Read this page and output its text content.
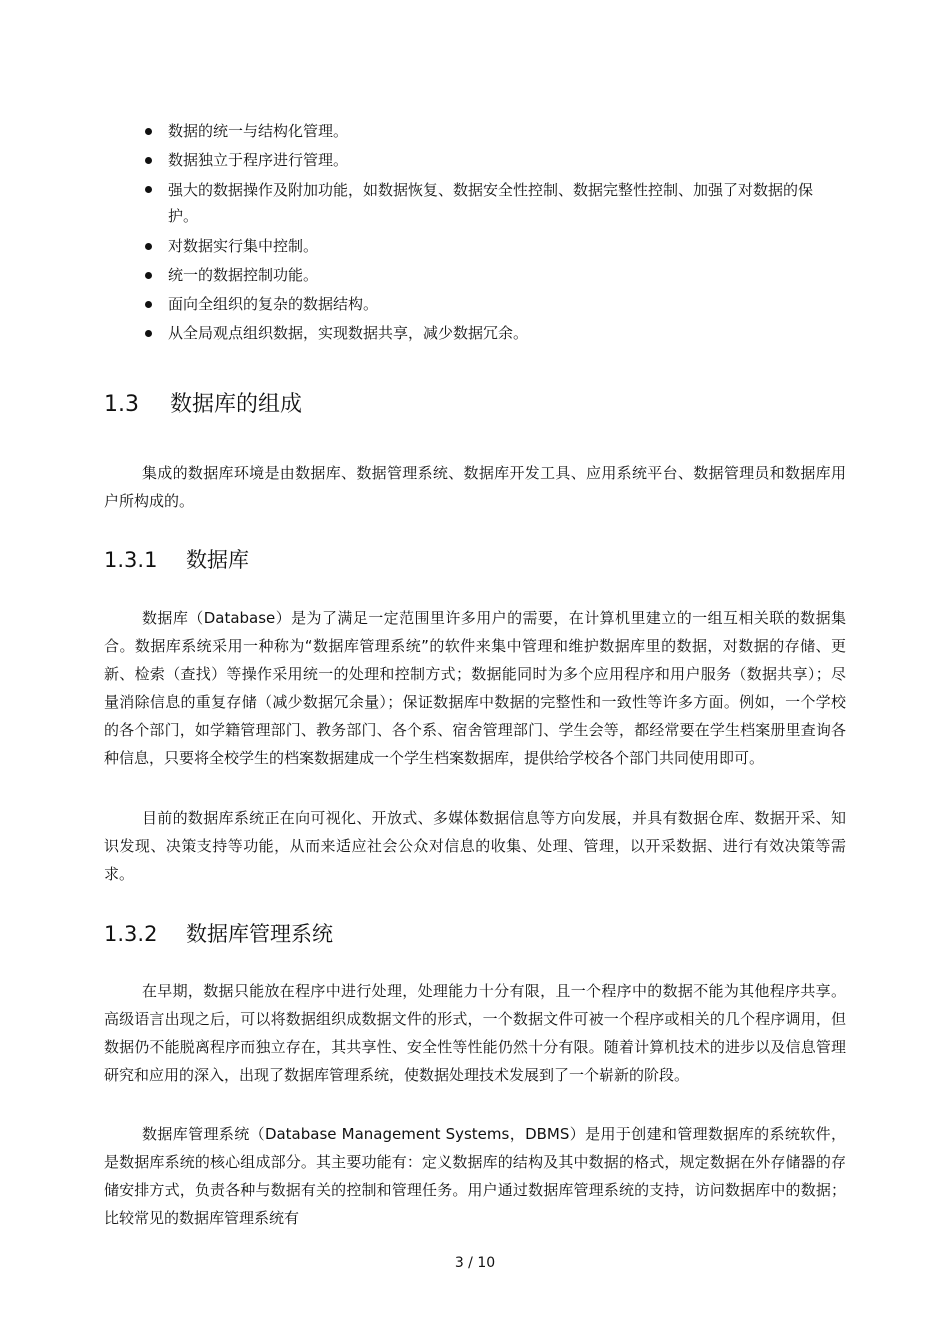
数据的统一与结构化管理。
数据独立于程序进行管理。
强大的数据操作及附加功能，如数据恢复、数据安全性控制、数据完整性控制、加强了对数据的保护。
对数据实行集中控制。
统一的数据控制功能。
面向全组织的复杂的数据结构。
从全局观点组织数据，实现数据共享，减少数据冗余。
1.3 数据库的组成

集成的数据库环境是由数据库、数据管理系统、数据库开发工具、应用系统平台、数据管理员和数据库用户所构成的。

1.3.1 数据库

数据库（Database）是为了满足一定范围里许多用户的需要，在计算机里建立的一组互相关联的数据集合。数据库系统采用一种称为“数据库管理系统”的软件来集中管理和维护数据库里的数据，对数据的存储、更新、检索（查找）等操作采用统一的处理和控制方式；数据能同时为多个应用程序和用户服务（数据共享）；尽量消除信息的重复存储（减少数据冗余量）；保证数据库中数据的完整性和一致性等许多方面。例如，一个学校的各个部门，如学籍管理部门、教务部门、各个系、宿舍管理部门、学生会等，都经常要在学生档案册里查询各种信息，只要将全校学生的档案数据建成一个学生档案数据库，提供给学校各个部门共同使用即可。

目前的数据库系统正在向可视化、开放式、多媒体数据信息等方向发展，并具有数据仓库、数据开采、知识发现、决策支持等功能，从而来适应社会公众对信息的收集、处理、管理，以开采数据、进行有效决策等需求。

1.3.2 数据库管理系统

在早期，数据只能放在程序中进行处理，处理能力十分有限，且一个程序中的数据不能为其他程序共享。高级语言出现之后，可以将数据组织成数据文件的形式，一个数据文件可被一个程序或相关的几个程序调用，但数据仍不能脱离程序而独立存在，其共享性、安全性等性能仍然十分有限。随着计算机技术的进步以及信息管理研究和应用的深入，出现了数据库管理系统，使数据处理技术发展到了一个崭新的阶段。

数据库管理系统（Database Management Systems，DBMS）是用于创建和管理数据库的系统软件，是数据库系统的核心组成部分。其主要功能有：定义数据库的结构及其中数据的格式，规定数据在外存储器的存储安排方式，负责各种与数据有关的控制和管理任务。用户通过数据库管理系统的支持，访问数据库中的数据；比较常见的数据库管理系统有

3 / 10
